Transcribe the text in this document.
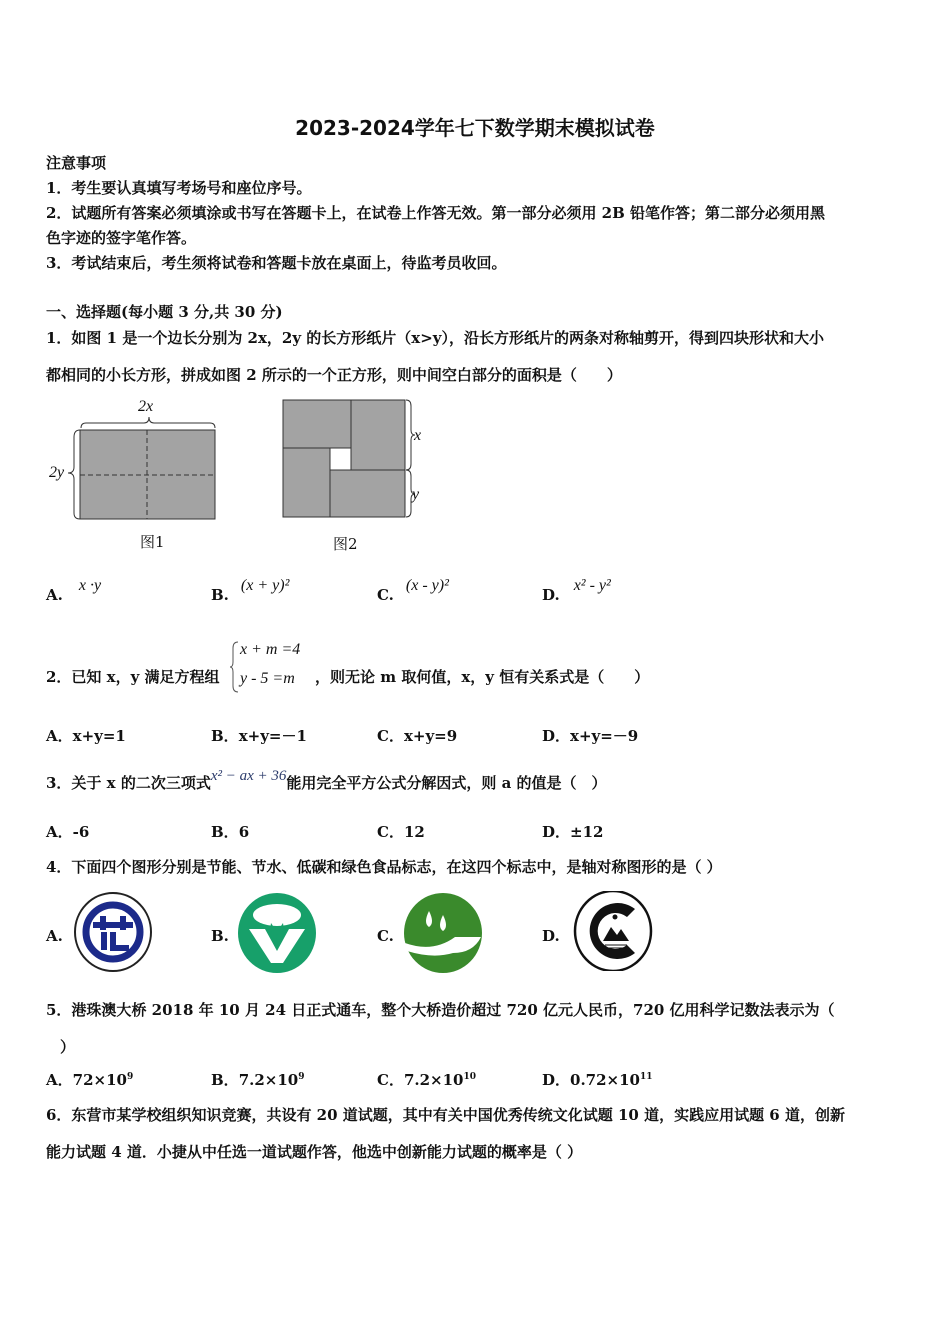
2023-2024学年七下数学期末模拟试卷
注意事项
1．考生要认真填写考场号和座位序号。
2．试题所有答案必须填涂或书写在答题卡上，在试卷上作答无效。第一部分必须用 2B 铅笔作答；第二部分必须用黑
色字迹的签字笔作答。
3．考试结束后，考生须将试卷和答题卡放在桌面上，待监考员收回。
一、选择题(每小题 3 分,共 30 分)
1．如图 1 是一个边长分别为 2x，2y 的长方形纸片（x>y），沿长方形纸片的两条对称轴剪开，得到四块形状和大小
都相同的小长方形，拼成如图 2 所示的一个正方形，则中间空白部分的面积是（　　）
2x
2y
图1
x
y
图2
A.x ·y
B.(x + y)²
C.(x - y)²
D.x² - y²
2．已知 x，y 满足方程组
x + m =4
y - 5 =m ，则无论 m 取何值，x，y 恒有关系式是（　　）
A．x+y=1	B．x+y=－1	C．x+y=9	D．x+y=－9
3．关于 x 的二次三项式x² − ax + 36能用完全平方公式分解因式，则 a 的值是（　）
A．-6	B．6	C．12	D．±12
4．下面四个图形分别是节能、节水、低碳和绿色食品标志，在这四个标志中，是轴对称图形的是（ ）
A.	B.	C.	D.
5．港珠澳大桥 2018 年 10 月 24 日正式通车，整个大桥造价超过 720 亿元人民币，720 亿用科学记数法表示为（
）
A．$72\times 10^9$	B．$7.2\times 10^9$	C．$7.2\times 10^{10}$	D．$0.72\times 10^{11}$
6．东营市某学校组织知识竞赛，共设有 20 道试题，其中有关中国优秀传统文化试题 10 道，实践应用试题 6 道，创新
能力试题 4 道．小捷从中任选一道试题作答，他选中创新能力试题的概率是（ ）
